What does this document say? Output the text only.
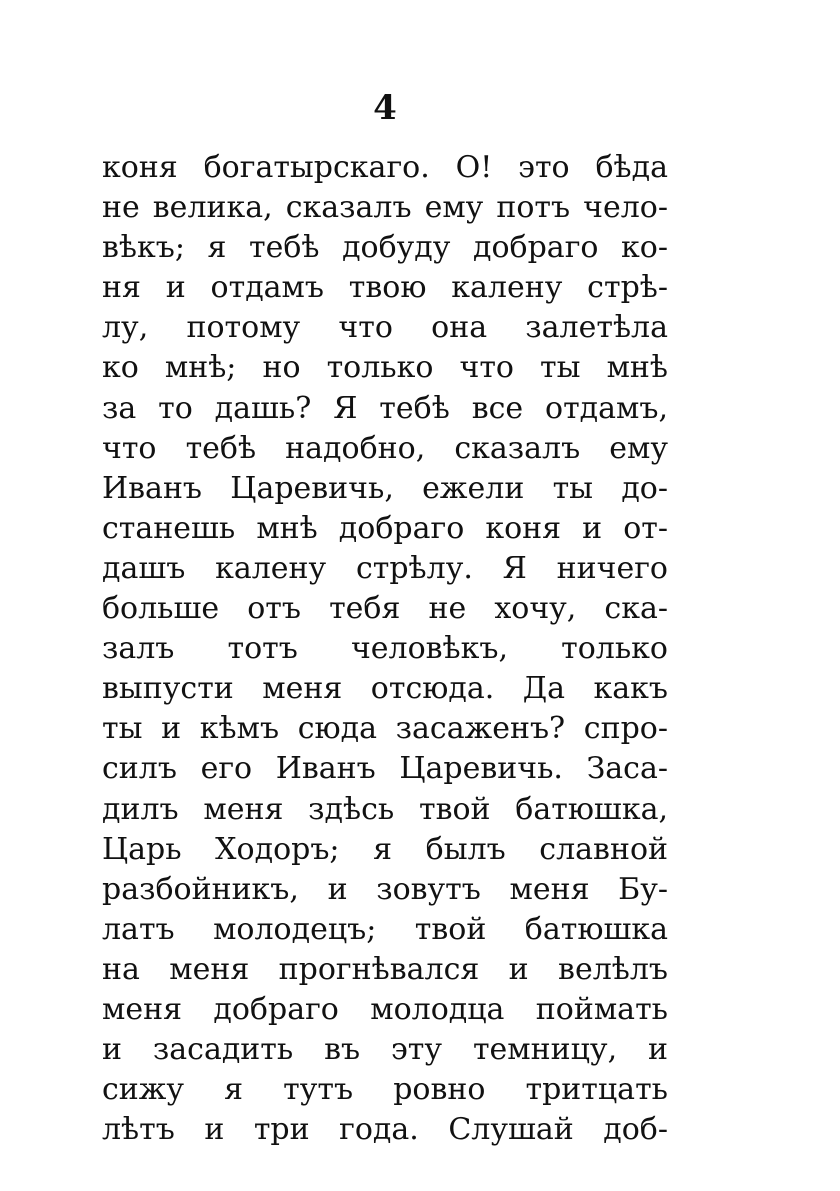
4
коня богатырскаго. О! это бѣда
не велика, сказалъ ему потъ чело-
вѣкъ; я тебѣ добуду добраго ко-
ня и отдамъ твою калену стрѣ-
лу, потому что она залетѣла
ко мнѣ; но только что ты мнѣ
за то дашь? Я тебѣ все отдамъ,
что тебѣ надобно, сказалъ ему
Иванъ Царевичь, ежели ты до-
станешь мнѣ добраго коня и от-
дашъ калену стрѣлу. Я ничего
больше отъ тебя не хочу, ска-
залъ тотъ человѣкъ, только
выпусти меня отсюда. Да какъ
ты и кѣмъ сюда засаженъ? спро-
силъ его Иванъ Царевичь. Заса-
дилъ меня здѣсь твой батюшка,
Царь Ходоръ; я былъ славной
разбойникъ, и зовутъ меня Бу-
латъ молодецъ; твой батюшка
на меня прогнѣвался и велѣлъ
меня добраго молодца поймать
и засадить въ эту темницу, и
сижу я тутъ ровно тритцать
лѣтъ и три года. Слушай доб-
